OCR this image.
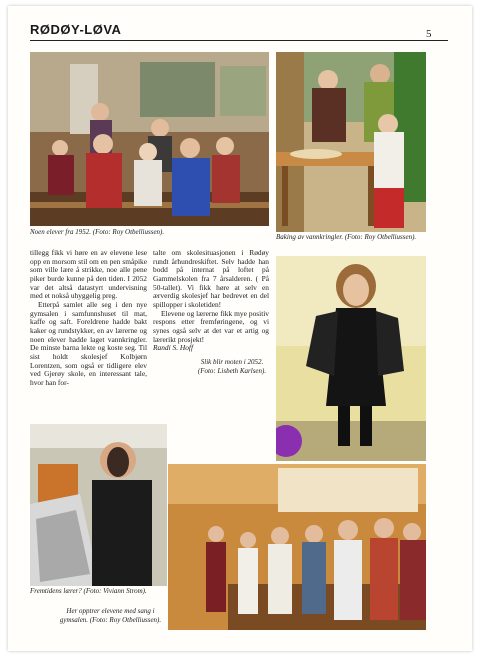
RØDØY-LØVA	5
Noen elever fra 1952. (Foto: Roy Otbelliussen).
Baking av vannkringler. (Foto: Roy Otbelliussen).

tillegg fikk vi høre en av elevene lese opp en morsom stil om en pen småpike som ville lære å strikke, noe alle pene piker burde kunne på den tiden. I 2052 var det altså datastyrt undervisning med et nokså uhyggelig preg.

Etterpå samlet alle seg i den nye gymsalen i samfunnshuset til mat, kaffe og saft. Foreldrene hadde bakt kaker og rundstykker, en av lærerne og noen elever hadde laget vannkringler. De minste barna lekte og koste seg. Til sist holdt skolesjef Kolbjørn Lorentzen, som også er tidligere elev ved Gjerøy skole, en interessant tale, hvor han for-

talte om skolesituasjonen i Rødøy rundt århundreskiftet. Selv hadde han bodd på internat på loftet på Gammelskolen fra 7 årsalderen. ( På 50-tallet). Vi fikk høre at selv en ærverdig skolesjef har bedrevet en del spillopper i skoletiden!

Elevene og lærerne fikk mye positiv respons etter fremføringene, og vi synes også selv at det var et artig og lærerikt prosjekt!

Randi S. Hoff
Slik blir moten i 2052. (Foto: Lisbeth Karlsen).
Fremtidens lærer? (Foto: Viviann Strom).
Her opptrer elevene med sang i gymsalen. (Foto: Roy Otbelliussen).
